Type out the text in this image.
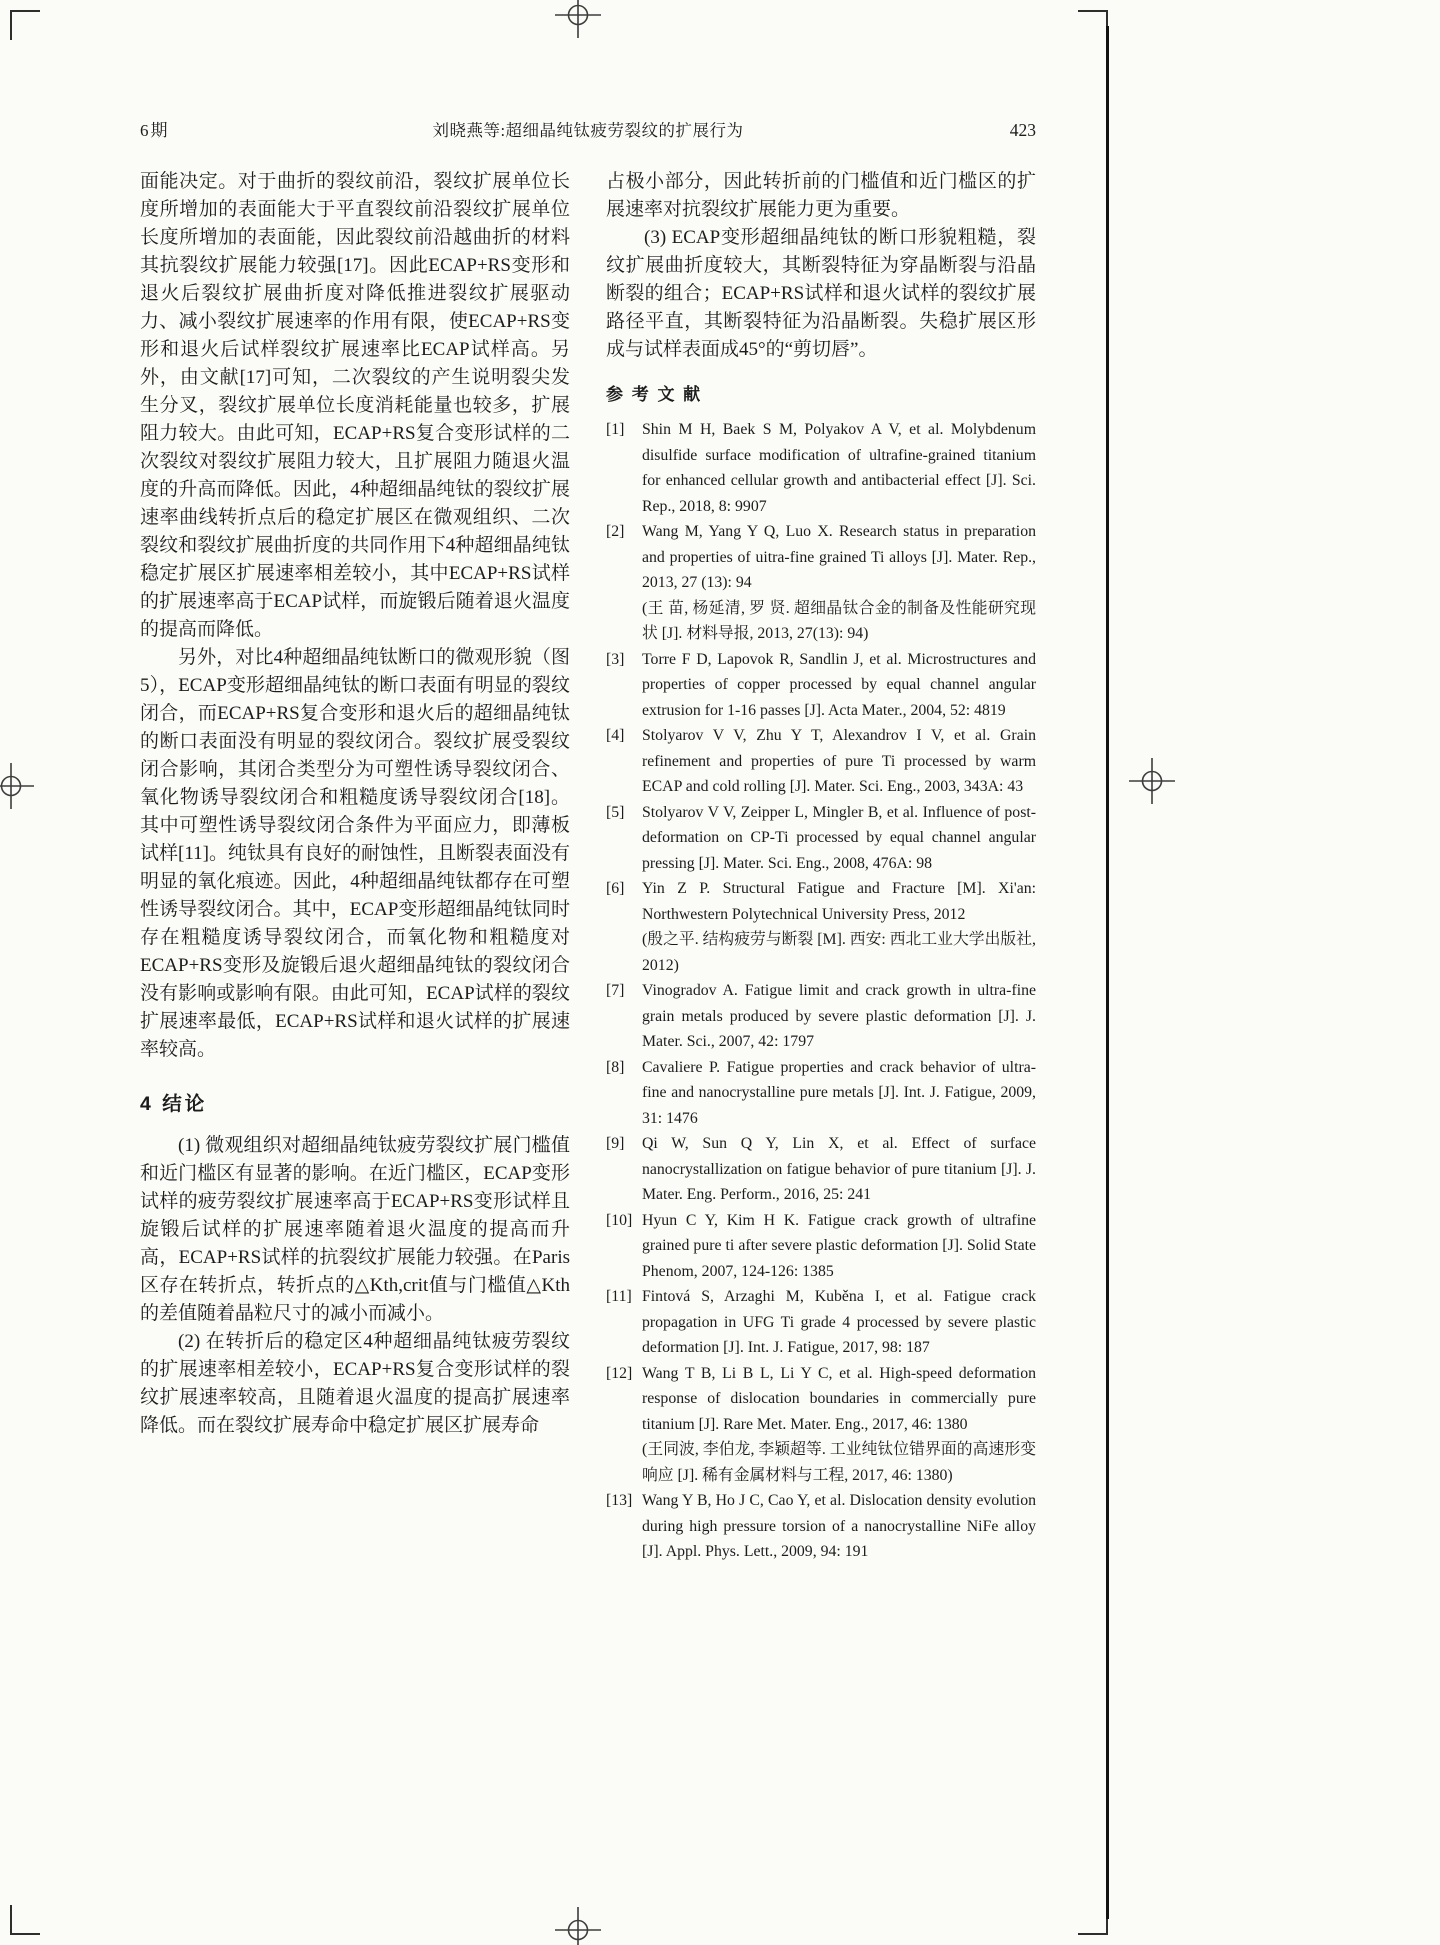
6期	刘晓燕等:超细晶纯钛疲劳裂纹的扩展行为	423

面能决定。对于曲折的裂纹前沿，裂纹扩展单位长度所增加的表面能大于平直裂纹前沿裂纹扩展单位长度所增加的表面能，因此裂纹前沿越曲折的材料其抗裂纹扩展能力较强[17]。因此ECAP+RS变形和退火后裂纹扩展曲折度对降低推进裂纹扩展驱动力、减小裂纹扩展速率的作用有限，使ECAP+RS变形和退火后试样裂纹扩展速率比ECAP试样高。另外，由文献[17]可知，二次裂纹的产生说明裂尖发生分叉，裂纹扩展单位长度消耗能量也较多，扩展阻力较大。由此可知，ECAP+RS复合变形试样的二次裂纹对裂纹扩展阻力较大，且扩展阻力随退火温度的升高而降低。因此，4种超细晶纯钛的裂纹扩展速率曲线转折点后的稳定扩展区在微观组织、二次裂纹和裂纹扩展曲折度的共同作用下4种超细晶纯钛稳定扩展区扩展速率相差较小，其中ECAP+RS试样的扩展速率高于ECAP试样，而旋锻后随着退火温度的提高而降低。

另外，对比4种超细晶纯钛断口的微观形貌（图5），ECAP变形超细晶纯钛的断口表面有明显的裂纹闭合，而ECAP+RS复合变形和退火后的超细晶纯钛的断口表面没有明显的裂纹闭合。裂纹扩展受裂纹闭合影响，其闭合类型分为可塑性诱导裂纹闭合、氧化物诱导裂纹闭合和粗糙度诱导裂纹闭合[18]。其中可塑性诱导裂纹闭合条件为平面应力，即薄板试样[11]。纯钛具有良好的耐蚀性，且断裂表面没有明显的氧化痕迹。因此，4种超细晶纯钛都存在可塑性诱导裂纹闭合。其中，ECAP变形超细晶纯钛同时存在粗糙度诱导裂纹闭合，而氧化物和粗糙度对ECAP+RS变形及旋锻后退火超细晶纯钛的裂纹闭合没有影响或影响有限。由此可知，ECAP试样的裂纹扩展速率最低，ECAP+RS试样和退火试样的扩展速率较高。

4 结论

(1) 微观组织对超细晶纯钛疲劳裂纹扩展门槛值和近门槛区有显著的影响。在近门槛区，ECAP变形试样的疲劳裂纹扩展速率高于ECAP+RS变形试样且旋锻后试样的扩展速率随着退火温度的提高而升高，ECAP+RS试样的抗裂纹扩展能力较强。在Paris区存在转折点，转折点的△Kth,crit值与门槛值△Kth的差值随着晶粒尺寸的减小而减小。

(2) 在转折后的稳定区4种超细晶纯钛疲劳裂纹的扩展速率相差较小，ECAP+RS复合变形试样的裂纹扩展速率较高，且随着退火温度的提高扩展速率降低。而在裂纹扩展寿命中稳定扩展区扩展寿命

占极小部分，因此转折前的门槛值和近门槛区的扩展速率对抗裂纹扩展能力更为重要。

(3) ECAP变形超细晶纯钛的断口形貌粗糙，裂纹扩展曲折度较大，其断裂特征为穿晶断裂与沿晶断裂的组合；ECAP+RS试样和退火试样的裂纹扩展路径平直，其断裂特征为沿晶断裂。失稳扩展区形成与试样表面成45°的“剪切唇”。

参 考 文 献
[1]	Shin M H, Baek S M, Polyakov A V, et al. Molybdenum disulfide surface modification of ultrafine-grained titanium for enhanced cellular growth and antibacterial effect [J]. Sci. Rep., 2018, 8: 9907
[2]	Wang M, Yang Y Q, Luo X. Research status in preparation and properties of uitra-fine grained Ti alloys [J]. Mater. Rep., 2013, 27 (13): 94
(王 苗, 杨延清, 罗 贤. 超细晶钛合金的制备及性能研究现状 [J]. 材料导报, 2013, 27(13): 94)
[3]	Torre F D, Lapovok R, Sandlin J, et al. Microstructures and properties of copper processed by equal channel angular extrusion for 1-16 passes [J]. Acta Mater., 2004, 52: 4819
[4]	Stolyarov V V, Zhu Y T, Alexandrov I V, et al. Grain refinement and properties of pure Ti processed by warm ECAP and cold rolling [J]. Mater. Sci. Eng., 2003, 343A: 43
[5]	Stolyarov V V, Zeipper L, Mingler B, et al. Influence of post-deformation on CP-Ti processed by equal channel angular pressing [J]. Mater. Sci. Eng., 2008, 476A: 98
[6]	Yin Z P. Structural Fatigue and Fracture [M]. Xi'an: Northwestern Polytechnical University Press, 2012
(殷之平. 结构疲劳与断裂 [M]. 西安: 西北工业大学出版社, 2012)
[7]	Vinogradov A. Fatigue limit and crack growth in ultra-fine grain metals produced by severe plastic deformation [J]. J. Mater. Sci., 2007, 42: 1797
[8]	Cavaliere P. Fatigue properties and crack behavior of ultra-fine and nanocrystalline pure metals [J]. Int. J. Fatigue, 2009, 31: 1476
[9]	Qi W, Sun Q Y, Lin X, et al. Effect of surface nanocrystallization on fatigue behavior of pure titanium [J]. J. Mater. Eng. Perform., 2016, 25: 241
[10] Hyun C Y, Kim H K. Fatigue crack growth of ultrafine grained pure ti after severe plastic deformation [J]. Solid State Phenom, 2007, 124-126: 1385
[11] Fintová S, Arzaghi M, Kuběna I, et al. Fatigue crack propagation in UFG Ti grade 4 processed by severe plastic deformation [J]. Int. J. Fatigue, 2017, 98: 187
[12] Wang T B, Li B L, Li Y C, et al. High-speed deformation response of dislocation boundaries in commercially pure titanium [J]. Rare Met. Mater. Eng., 2017, 46: 1380
(王同波, 李伯龙, 李颖超等. 工业纯钛位错界面的高速形变响应 [J]. 稀有金属材料与工程, 2017, 46: 1380)
[13] Wang Y B, Ho J C, Cao Y, et al. Dislocation density evolution during high pressure torsion of a nanocrystalline NiFe alloy [J]. Appl. Phys. Lett., 2009, 94: 191
